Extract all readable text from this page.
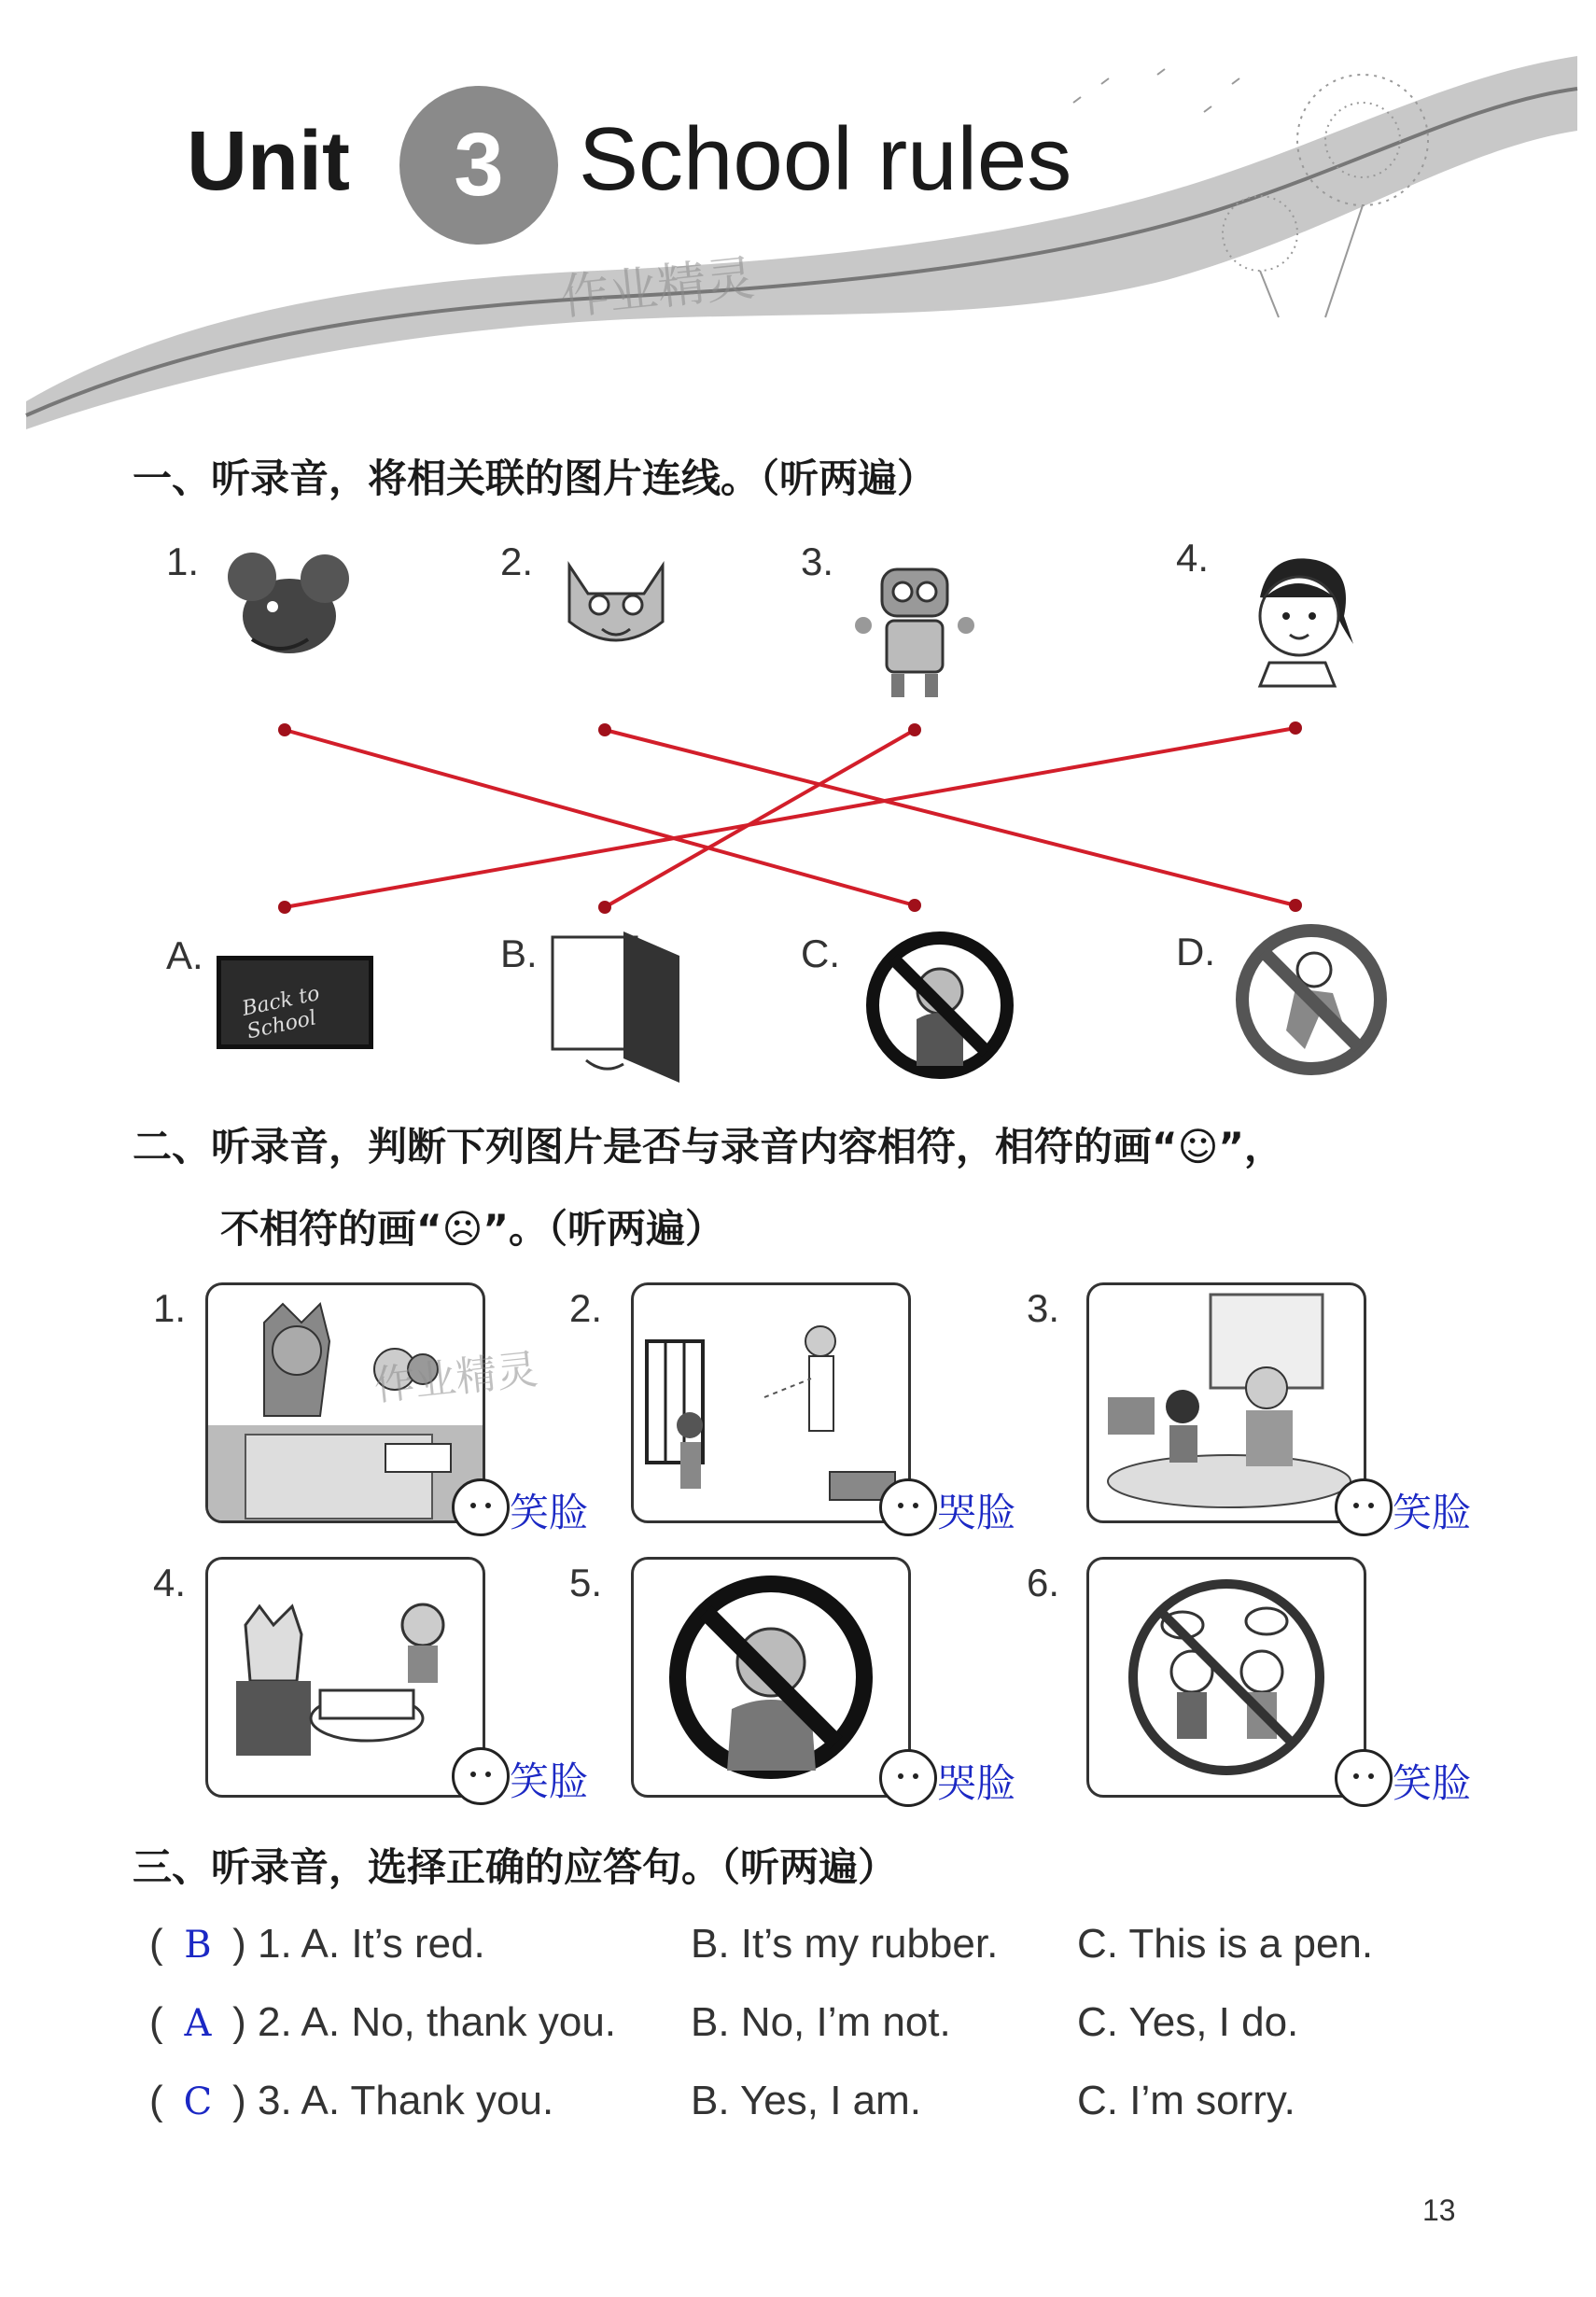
Unit	3 School rules
作业精灵
一、听录音，将相关联的图片连线。（听两遍）
1.	2.	3.	4.
A.	B.	C.	D.
Back to School
二、听录音，判断下列图片是否与录音内容相符，相符的画“☺”，
不相符的画“☹”。（听两遍）
1.
作业精灵
笑脸
2.
哭脸
3.
笑脸
4.
笑脸
5.
哭脸
6.
笑脸
三、听录音，选择正确的应答句。（听两遍）
( B ) 1. A. It’s red.	B. It’s my rubber. C. This is a pen.
( A ) 2. A. No, thank you. B. No, I’m not.	C. Yes, I do.
( C ) 3. A. Thank you.	B. Yes, I am.	C. I’m sorry.
13
